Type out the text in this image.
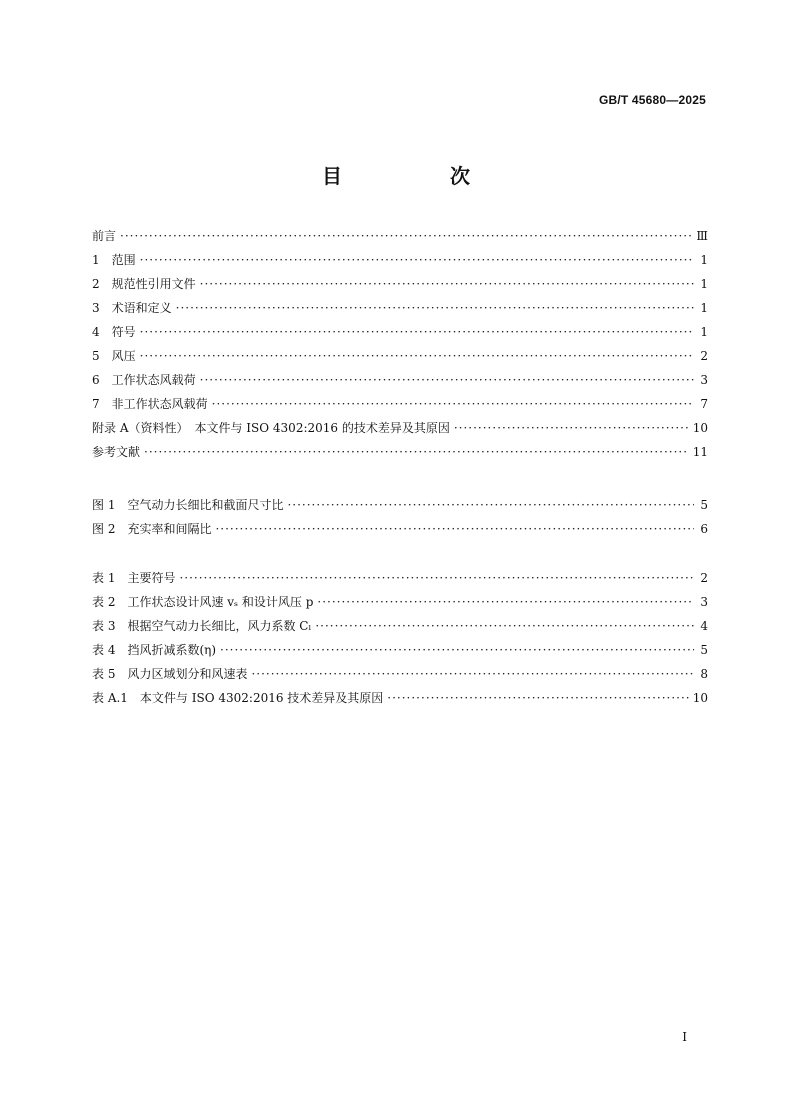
GB/T 45680—2025
目　次
前言 ·····	Ⅲ
1　范围 ·····	1
2　规范性引用文件 ·····	1
3　术语和定义 ·····	1
4　符号 ·····	1
5　风压 ·····	2
6　工作状态风载荷 ·····	3
7　非工作状态风载荷 ·····	7
附录 A（资料性）　本文件与 ISO 4302:2016 的技术差异及其原因 ·····	10
参考文献 ·····	11
图 1　空气动力长细比和截面尺寸比 ·····	5
图 2　充实率和间隔比 ·····	6
表 1　主要符号 ·····	2
表 2　工作状态设计风速 vₛ 和设计风压 p ·····	3
表 3　根据空气动力长细比，风力系数 Cₗ ·····	4
表 4　挡风折减系数(η) ·····	5
表 5　风力区域划分和风速表 ·····	8
表 A.1　本文件与 ISO 4302:2016 技术差异及其原因 ·····	10
I
